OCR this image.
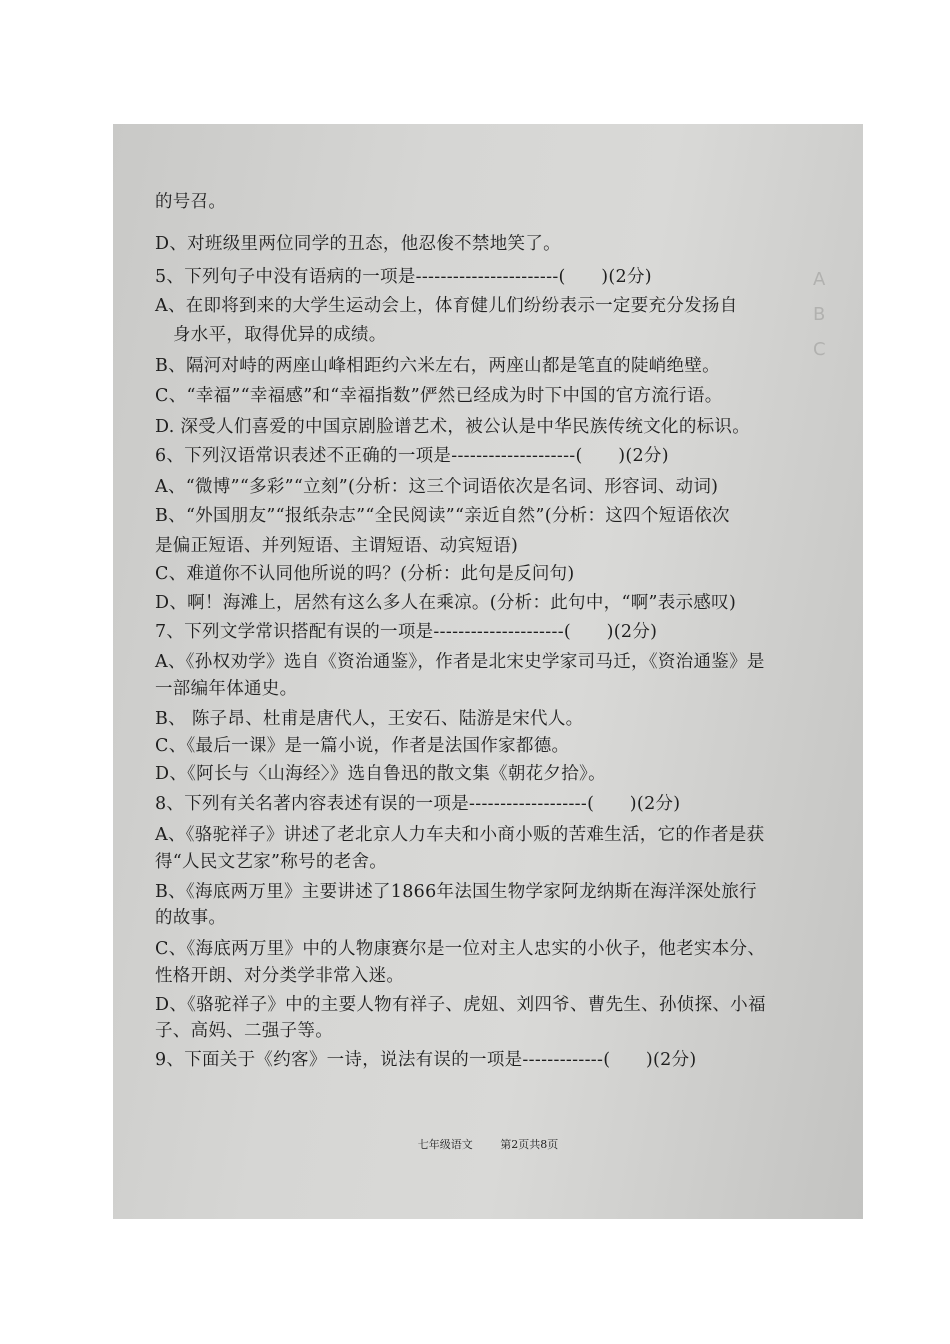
A
B
C
的号召。
D、对班级里两位同学的丑态，他忍俊不禁地笑了。
5、下列句子中没有语病的一项是-----------------------(　　)(2分)
A、在即将到来的大学生运动会上，体育健儿们纷纷表示一定要充分发扬自
身水平，取得优异的成绩。
B、隔河对峙的两座山峰相距约六米左右，两座山都是笔直的陡峭绝壁。
C、“幸福”“幸福感”和“幸福指数”俨然已经成为时下中国的官方流行语。
D. 深受人们喜爱的中国京剧脸谱艺术，被公认是中华民族传统文化的标识。
6、下列汉语常识表述不正确的一项是--------------------(　　)(2分)
A、“微博”“多彩”“立刻”(分析：这三个词语依次是名词、形容词、动词)
B、“外国朋友”“报纸杂志”“全民阅读”“亲近自然”(分析：这四个短语依次
是偏正短语、并列短语、主谓短语、动宾短语)
C、难道你不认同他所说的吗？(分析：此句是反问句)
D、啊！海滩上，居然有这么多人在乘凉。(分析：此句中，“啊”表示感叹)
7、下列文学常识搭配有误的一项是---------------------(　　)(2分)
A、《孙权劝学》选自《资治通鉴》，作者是北宋史学家司马迁，《资治通鉴》是
一部编年体通史。
B、 陈子昂、杜甫是唐代人，王安石、陆游是宋代人。
C、《最后一课》是一篇小说，作者是法国作家都德。
D、《阿长与〈山海经〉》选自鲁迅的散文集《朝花夕拾》。
8、下列有关名著内容表述有误的一项是-------------------(　　)(2分)
A、《骆驼祥子》讲述了老北京人力车夫和小商小贩的苦难生活，它的作者是获
得“人民文艺家”称号的老舍。
B、《海底两万里》主要讲述了1866年法国生物学家阿龙纳斯在海洋深处旅行
的故事。
C、《海底两万里》中的人物康赛尔是一位对主人忠实的小伙子，他老实本分、
性格开朗、对分类学非常入迷。
D、《骆驼祥子》中的主要人物有祥子、虎妞、刘四爷、曹先生、孙侦探、小福
子、高妈、二强子等。
9、下面关于《约客》一诗，说法有误的一项是-------------(　　)(2分)
七年级语文	第2页共8页
